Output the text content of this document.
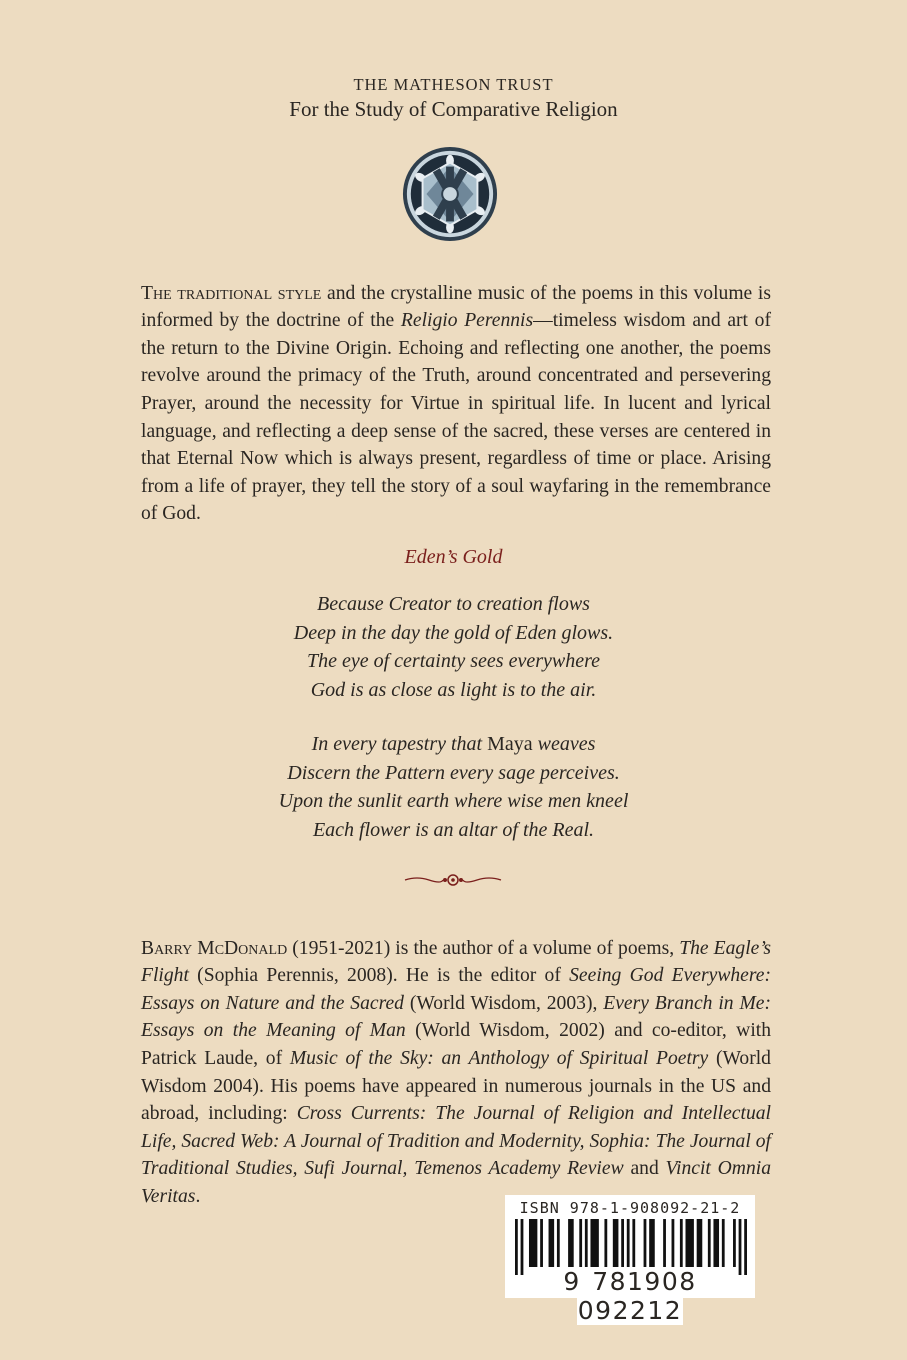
THE MATHESON TRUST
For the Study of Comparative Religion

The traditional style and the crystalline music of the poems in this volume is informed by the doctrine of the Religio Perennis—timeless wisdom and art of the return to the Divine Origin. Echoing and reflecting one another, the poems revolve around the primacy of the Truth, around concentrated and persevering Prayer, around the necessity for Virtue in spiritual life. In lucent and lyrical language, and reflecting a deep sense of the sacred, these verses are centered in that Eternal Now which is always present, regardless of time or place. Arising from a life of prayer, they tell the story of a soul wayfaring in the remembrance of God.

Eden’s Gold
Because Creator to creation flows
Deep in the day the gold of Eden glows.
The eye of certainty sees everywhere
God is as close as light is to the air.
In every tapestry that Maya weaves
Discern the Pattern every sage perceives.
Upon the sunlit earth where wise men kneel
Each flower is an altar of the Real.

Barry McDonald (1951-2021) is the author of a volume of poems, The Eagle’s Flight (Sophia Perennis, 2008). He is the editor of Seeing God Everywhere: Essays on Nature and the Sacred (World Wisdom, 2003), Every Branch in Me: Essays on the Meaning of Man (World Wisdom, 2002) and co-editor, with Patrick Laude, of Music of the Sky: an Anthology of Spiritual Poetry (World Wisdom 2004). His poems have appeared in numerous journals in the US and abroad, including: Cross Currents: The Journal of Religion and Intellectual Life, Sacred Web: A Journal of Tradition and Modernity, Sophia: The Journal of Traditional Studies, Sufi Journal, Temenos Academy Review and Vincit Omnia Veritas.

ISBN 978-1-908092-21-2
9 781908 092212
